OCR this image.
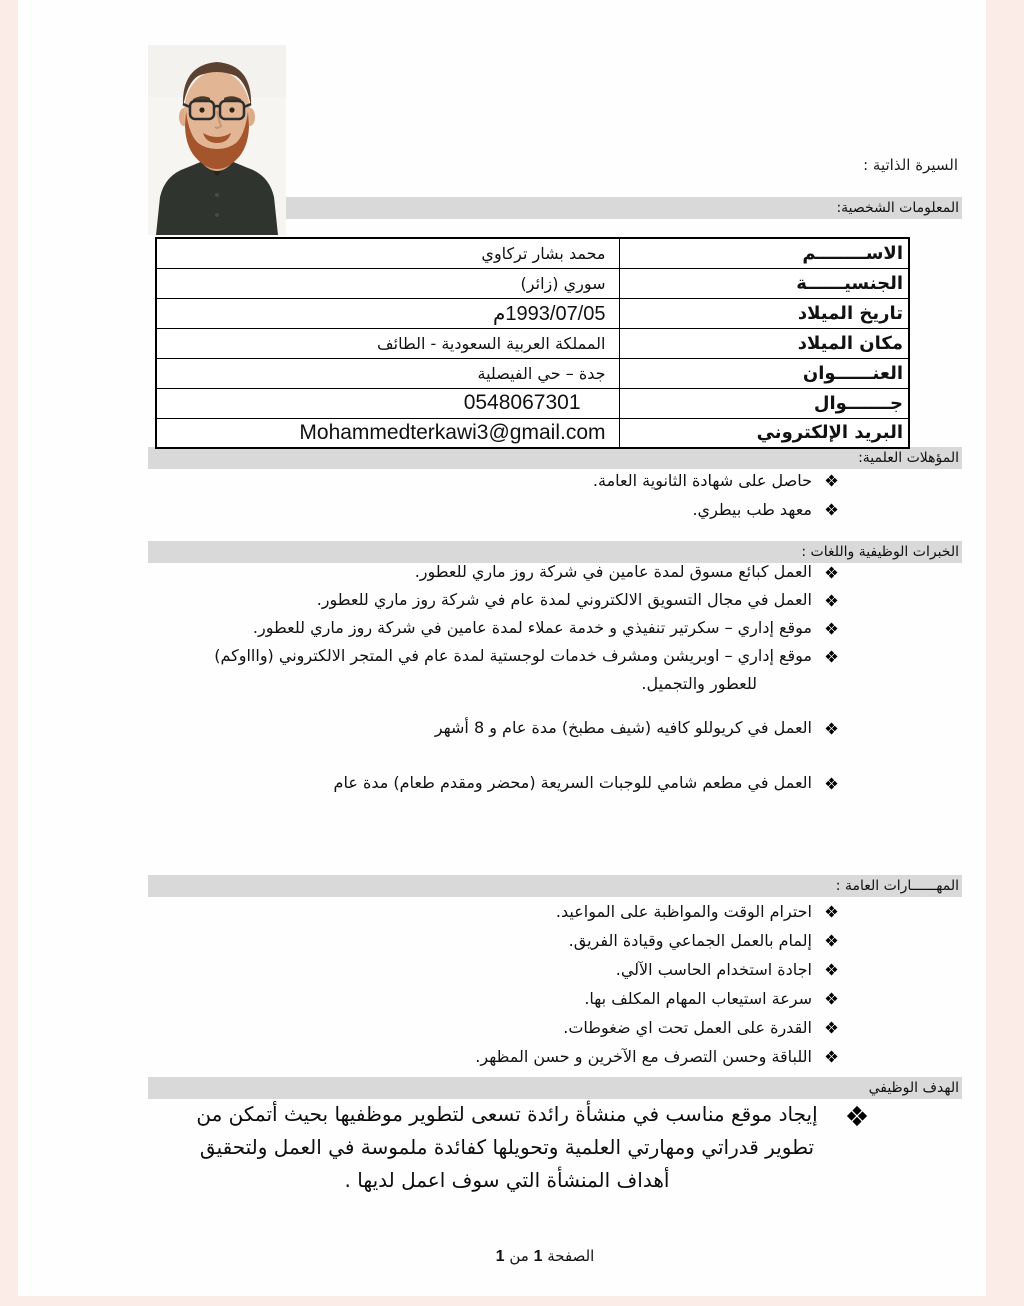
السيرة الذاتية :
المعلومات الشخصية:
المؤهلات العلمية:
الخبرات الوظيفية واللغات :
المهــــــارات العامة :
الهدف الوظيفي
الاســــــــم	محمد بشار تركاوي
الجنسيــــــة	سوري (زائر)
تاريخ الميلاد	1993/07/05م
مكان الميلاد	المملكة العربية السعودية - الطائف
العنــــــوان	جدة – حي الفيصلية
جـــــــوال	0548067301
البريد الإلكتروني	Mohammedterkawi3@gmail.com
حاصل على شهادة الثانوية العامة.
معهد طب بيطري.
العمل كبائع مسوق لمدة عامين في شركة روز ماري للعطور.
العمل في مجال التسويق الالكتروني لمدة عام في شركة روز ماري للعطور.
موقع إداري – سكرتير تنفيذي و خدمة عملاء لمدة عامين في شركة روز ماري للعطور.
موقع إداري – اوبريشن ومشرف خدمات لوجستية لمدة عام في المتجر الالكتروني (واااوكم) للعطور والتجميل.
العمل في كريوللو كافيه (شيف مطبخ) مدة عام و 8 أشهر
العمل في مطعم شامي للوجبات السريعة (محضر ومقدم طعام) مدة عام
احترام الوقت والمواظبة على المواعيد.
إلمام بالعمل الجماعي وقيادة الفريق.
اجادة استخدام الحاسب الآلي.
سرعة استيعاب المهام المكلف بها.
القدرة على العمل تحت اي ضغوطات.
اللباقة وحسن التصرف مع الآخرين و حسن المظهر.
إيجاد موقع مناسب في منشأة رائدة تسعى لتطوير موظفيها بحيث أتمكن من تطوير قدراتي ومهارتي العلمية وتحويلها كفائدة ملموسة في العمل ولتحقيق أهداف المنشأة التي سوف اعمل لديها .
الصفحة 1 من 1
